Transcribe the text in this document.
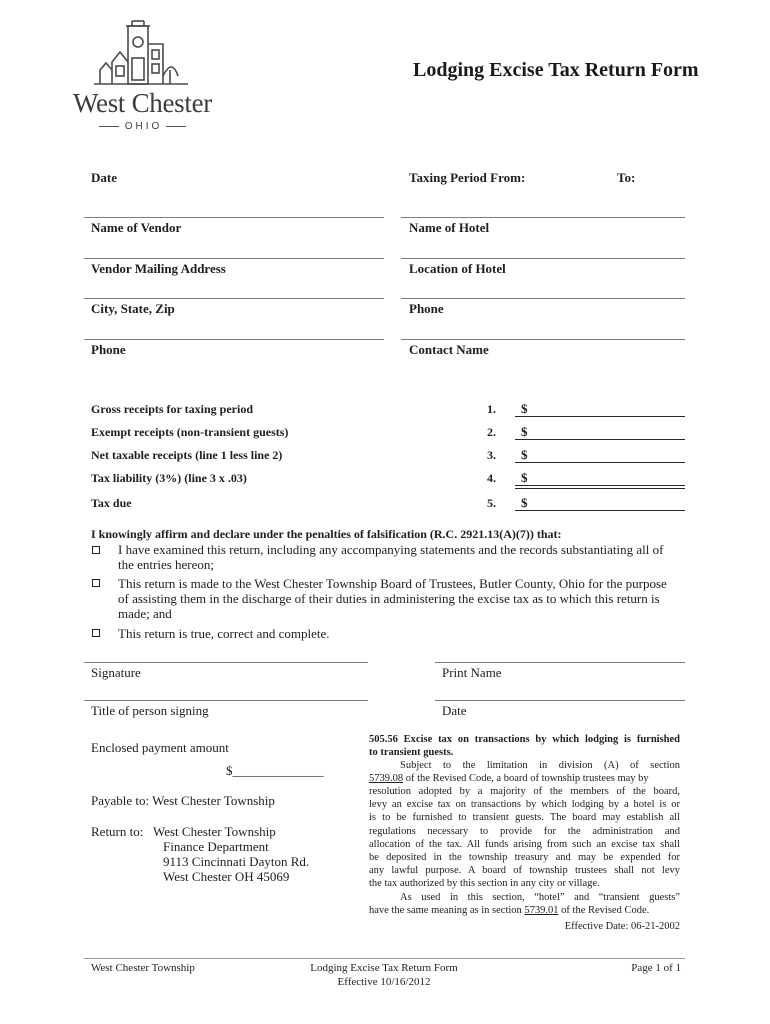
West Chester
OHIO
Lodging Excise Tax Return Form
Date	Taxing Period From:	To:
Name of Vendor	Name of Hotel
Vendor Mailing Address	Location of Hotel
City, State, Zip	Phone
Phone	Contact Name
Gross receipts for taxing period	1. $
Exempt receipts (non-transient guests)	2. $
Net taxable receipts (line 1 less line 2)	3. $
Tax liability (3%) (line 3 x .03)	4. $
Tax due	5. $
I knowingly affirm and declare under the penalties of falsification (R.C. 2921.13(A)(7)) that:
I have examined this return, including any accompanying statements and the records substantiating all of
the entries hereon;
This return is made to the West Chester Township Board of Trustees, Butler County, Ohio for the purpose
of assisting them in the discharge of their duties in administering the excise tax as to which this return is
made; and
This return is true, correct and complete.
Signature	Print Name
Title of person signing	Date
Enclosed payment amount
$______________
Payable to: West Chester Township
Return to: West Chester Township
Finance Department
9113 Cincinnati Dayton Rd.
West Chester OH 45069
505.56 Excise tax on transactions by which lodging is furnished
to transient guests.
Subject to the limitation in division (A) of section
5739.08 of the Revised Code, a board of township trustees may by
resolution adopted by a majority of the members of the board,
levy an excise tax on transactions by which lodging by a hotel is or
is to be furnished to transient guests. The board may establish all
regulations necessary to provide for the administration and
allocation of the tax. All funds arising from such an excise tax shall
be deposited in the township treasury and may be expended for
any lawful purpose. A board of township trustees shall not levy
the tax authorized by this section in any city or village.
As used in this section, “hotel” and “transient guests”
have the same meaning as in section 5739.01 of the Revised Code.
Effective Date: 06-21-2002
West Chester Township	Lodging Excise Tax Return Form
Effective 10/16/2012
Page 1 of 1
